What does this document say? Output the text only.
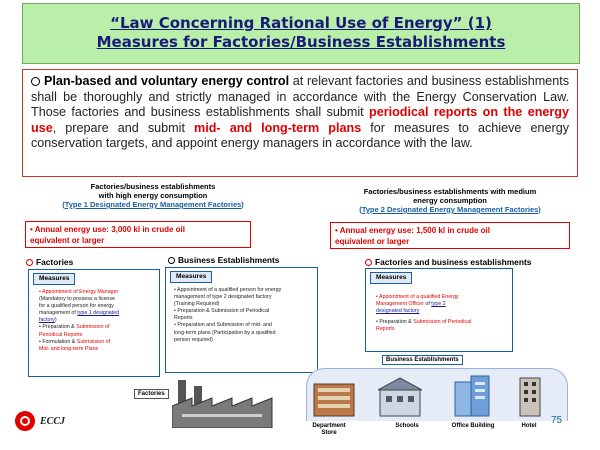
“Law Concerning Rational Use of Energy” (1)
Measures for Factories/Business Establishments
Plan-based and voluntary energy control at relevant factories and business establishments shall be thoroughly and strictly managed in accordance with the Energy Conservation Law. Those factories and business establishments shall submit periodical reports on the energy use, prepare and submit mid- and long-term plans for measures to achieve energy conservation targets, and appoint energy managers in accordance with the law.
Factories/business establishments
with high energy consumption
(Type 1 Designated Energy Management Factories)
• Annual energy use: 3,000 kl in crude oil
equivalent or larger
Factories/business establishments with medium
energy consumption
(Type 2 Designated Energy Management Factories)
• Annual energy use: 1,500 kl in crude oil
equivalent or larger
Factories	Business Establishments	Factories and business establishments
Measures
• Appointment of Energy Manager
(Mandatory to possess a license
for a qualified person for energy
management of type 1 designated
factory)
• Preparation & Submission of
Periodical Reports
• Formulation & Submission of
Mid- and long-term Plans
Measures
• Appointment of a qualified person for energy
management of type 2 designated factory
(Training Required)
• Preparation & Submission of Periodical
Reports
• Preparation and Submission of mid- and
long-term plans (Participation by a qualified
person required)
Measures
• Appointment of a qualified Energy
Management Officer of type 2
designated factory
• Preparation & Submission of Periodical
Reports
Factories
Business Establishments
Department
Store
Schools	Office Building	Hotel
ECCJ	75
